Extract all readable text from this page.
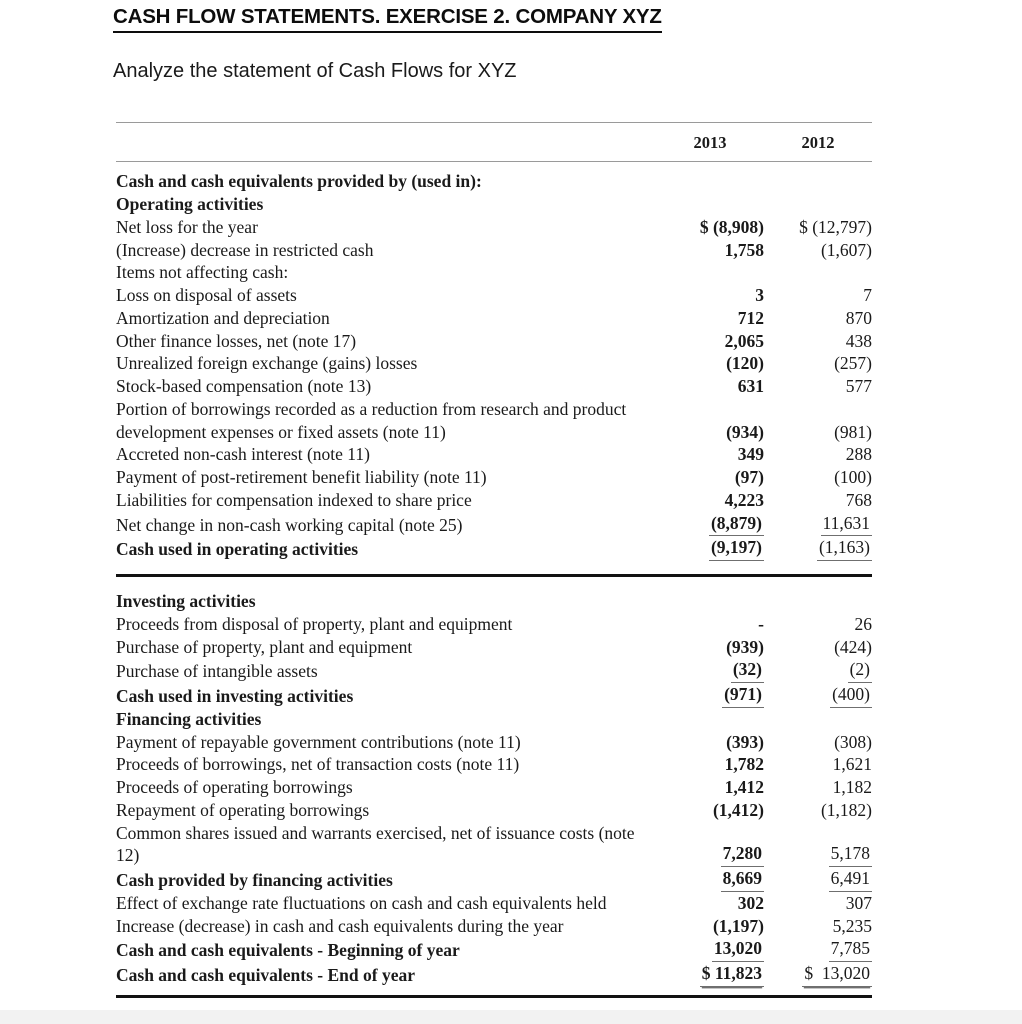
CASH FLOW STATEMENTS. EXERCISE 2. COMPANY XYZ
Analyze the statement of Cash Flows for XYZ
	2013	2012
Cash and cash equivalents provided by (used in):		
Operating activities		
Net loss for the year	$ (8,908)	$ (12,797)
(Increase) decrease in restricted cash	1,758	(1,607)
Items not affecting cash:		
Loss on disposal of assets	3	7
Amortization and depreciation	712	870
Other finance losses, net (note 17)	2,065	438
Unrealized foreign exchange (gains) losses	(120)	(257)
Stock-based compensation (note 13)	631	577
Portion of borrowings recorded as a reduction from research and product development expenses or fixed assets (note 11)	(934)	(981)
Accreted non-cash interest (note 11)	349	288
Payment of post-retirement benefit liability (note 11)	(97)	(100)
Liabilities for compensation indexed to share price	4,223	768
Net change in non-cash working capital (note 25)	(8,879)	11,631
Cash used in operating activities	(9,197)	(1,163)
Investing activities		
Proceeds from disposal of property, plant and equipment	-	26
Purchase of property, plant and equipment	(939)	(424)
Purchase of intangible assets	(32)	(2)
Cash used in investing activities	(971)	(400)
Financing activities		
Payment of repayable government contributions (note 11)	(393)	(308)
Proceeds of borrowings, net of transaction costs (note 11)	1,782	1,621
Proceeds of operating borrowings	1,412	1,182
Repayment of operating borrowings	(1,412)	(1,182)
Common shares issued and warrants exercised, net of issuance costs (note 12)	7,280	5,178
Cash provided by financing activities	8,669	6,491
Effect of exchange rate fluctuations on cash and cash equivalents held	302	307
Increase (decrease) in cash and cash equivalents during the year	(1,197)	5,235
Cash and cash equivalents - Beginning of year	13,020	7,785
Cash and cash equivalents - End of year	$ 11,823	$  13,020
